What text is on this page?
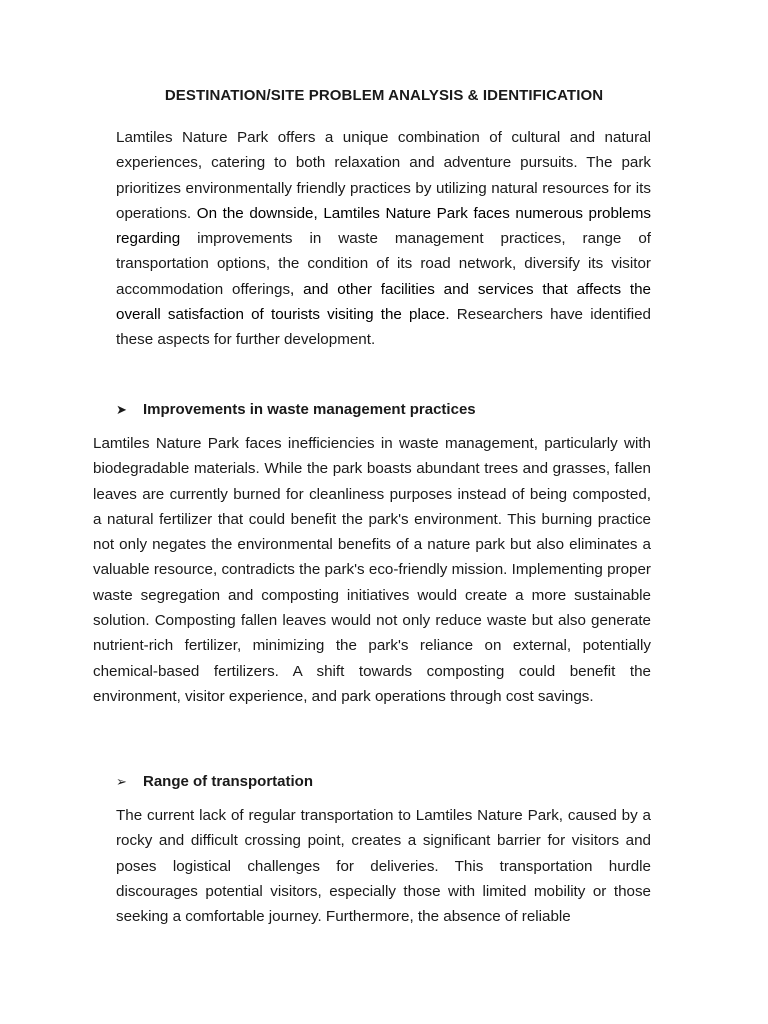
DESTINATION/SITE PROBLEM ANALYSIS & IDENTIFICATION

Lamtiles Nature Park offers a unique combination of cultural and natural experiences, catering to both relaxation and adventure pursuits. The park prioritizes environmentally friendly practices by utilizing natural resources for its operations. On the downside, Lamtiles Nature Park faces numerous problems regarding improvements in waste management practices, range of transportation options, the condition of its road network, diversify its visitor accommodation offerings, and other facilities and services that affects the overall satisfaction of tourists visiting the place. Researchers have identified these aspects for further development.

➤ Improvements in waste management practices

Lamtiles Nature Park faces inefficiencies in waste management, particularly with biodegradable materials. While the park boasts abundant trees and grasses, fallen leaves are currently burned for cleanliness purposes instead of being composted, a natural fertilizer that could benefit the park's environment. This burning practice not only negates the environmental benefits of a nature park but also eliminates a valuable resource, contradicts the park's eco-friendly mission. Implementing proper waste segregation and composting initiatives would create a more sustainable solution. Composting fallen leaves would not only reduce waste but also generate nutrient-rich fertilizer, minimizing the park's reliance on external, potentially chemical-based fertilizers. A shift towards composting could benefit the environment, visitor experience, and park operations through cost savings.

➢ Range of transportation

The current lack of regular transportation to Lamtiles Nature Park, caused by a rocky and difficult crossing point, creates a significant barrier for visitors and poses logistical challenges for deliveries. This transportation hurdle discourages potential visitors, especially those with limited mobility or those seeking a comfortable journey. Furthermore, the absence of reliable
